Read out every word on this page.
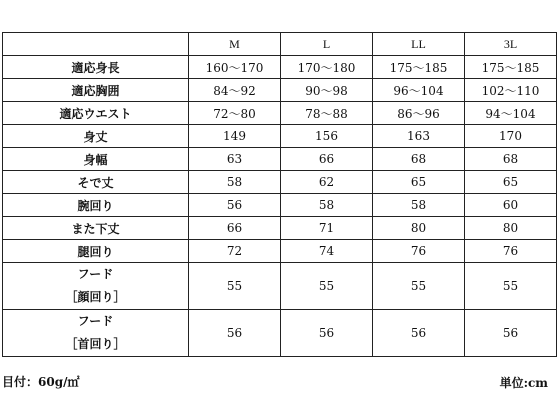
	M	L	LL	3L
適応身長	160～170	170～180	175～185	175～185
適応胸囲	84～92	90～98	96～104	102～110
適応ウエスト	72～80	78～88	86～96	94～104
身丈	149	156	163	170
身幅	63	66	68	68
そで丈	58	62	65	65
腕回り	56	58	58	60
また下丈	66	71	80	80
腿回り	72	74	76	76

フード
［顔回り］	55	55	55	55

フード
［首回り］	56	56	56	56
目付：60g/㎡	単位:cm
